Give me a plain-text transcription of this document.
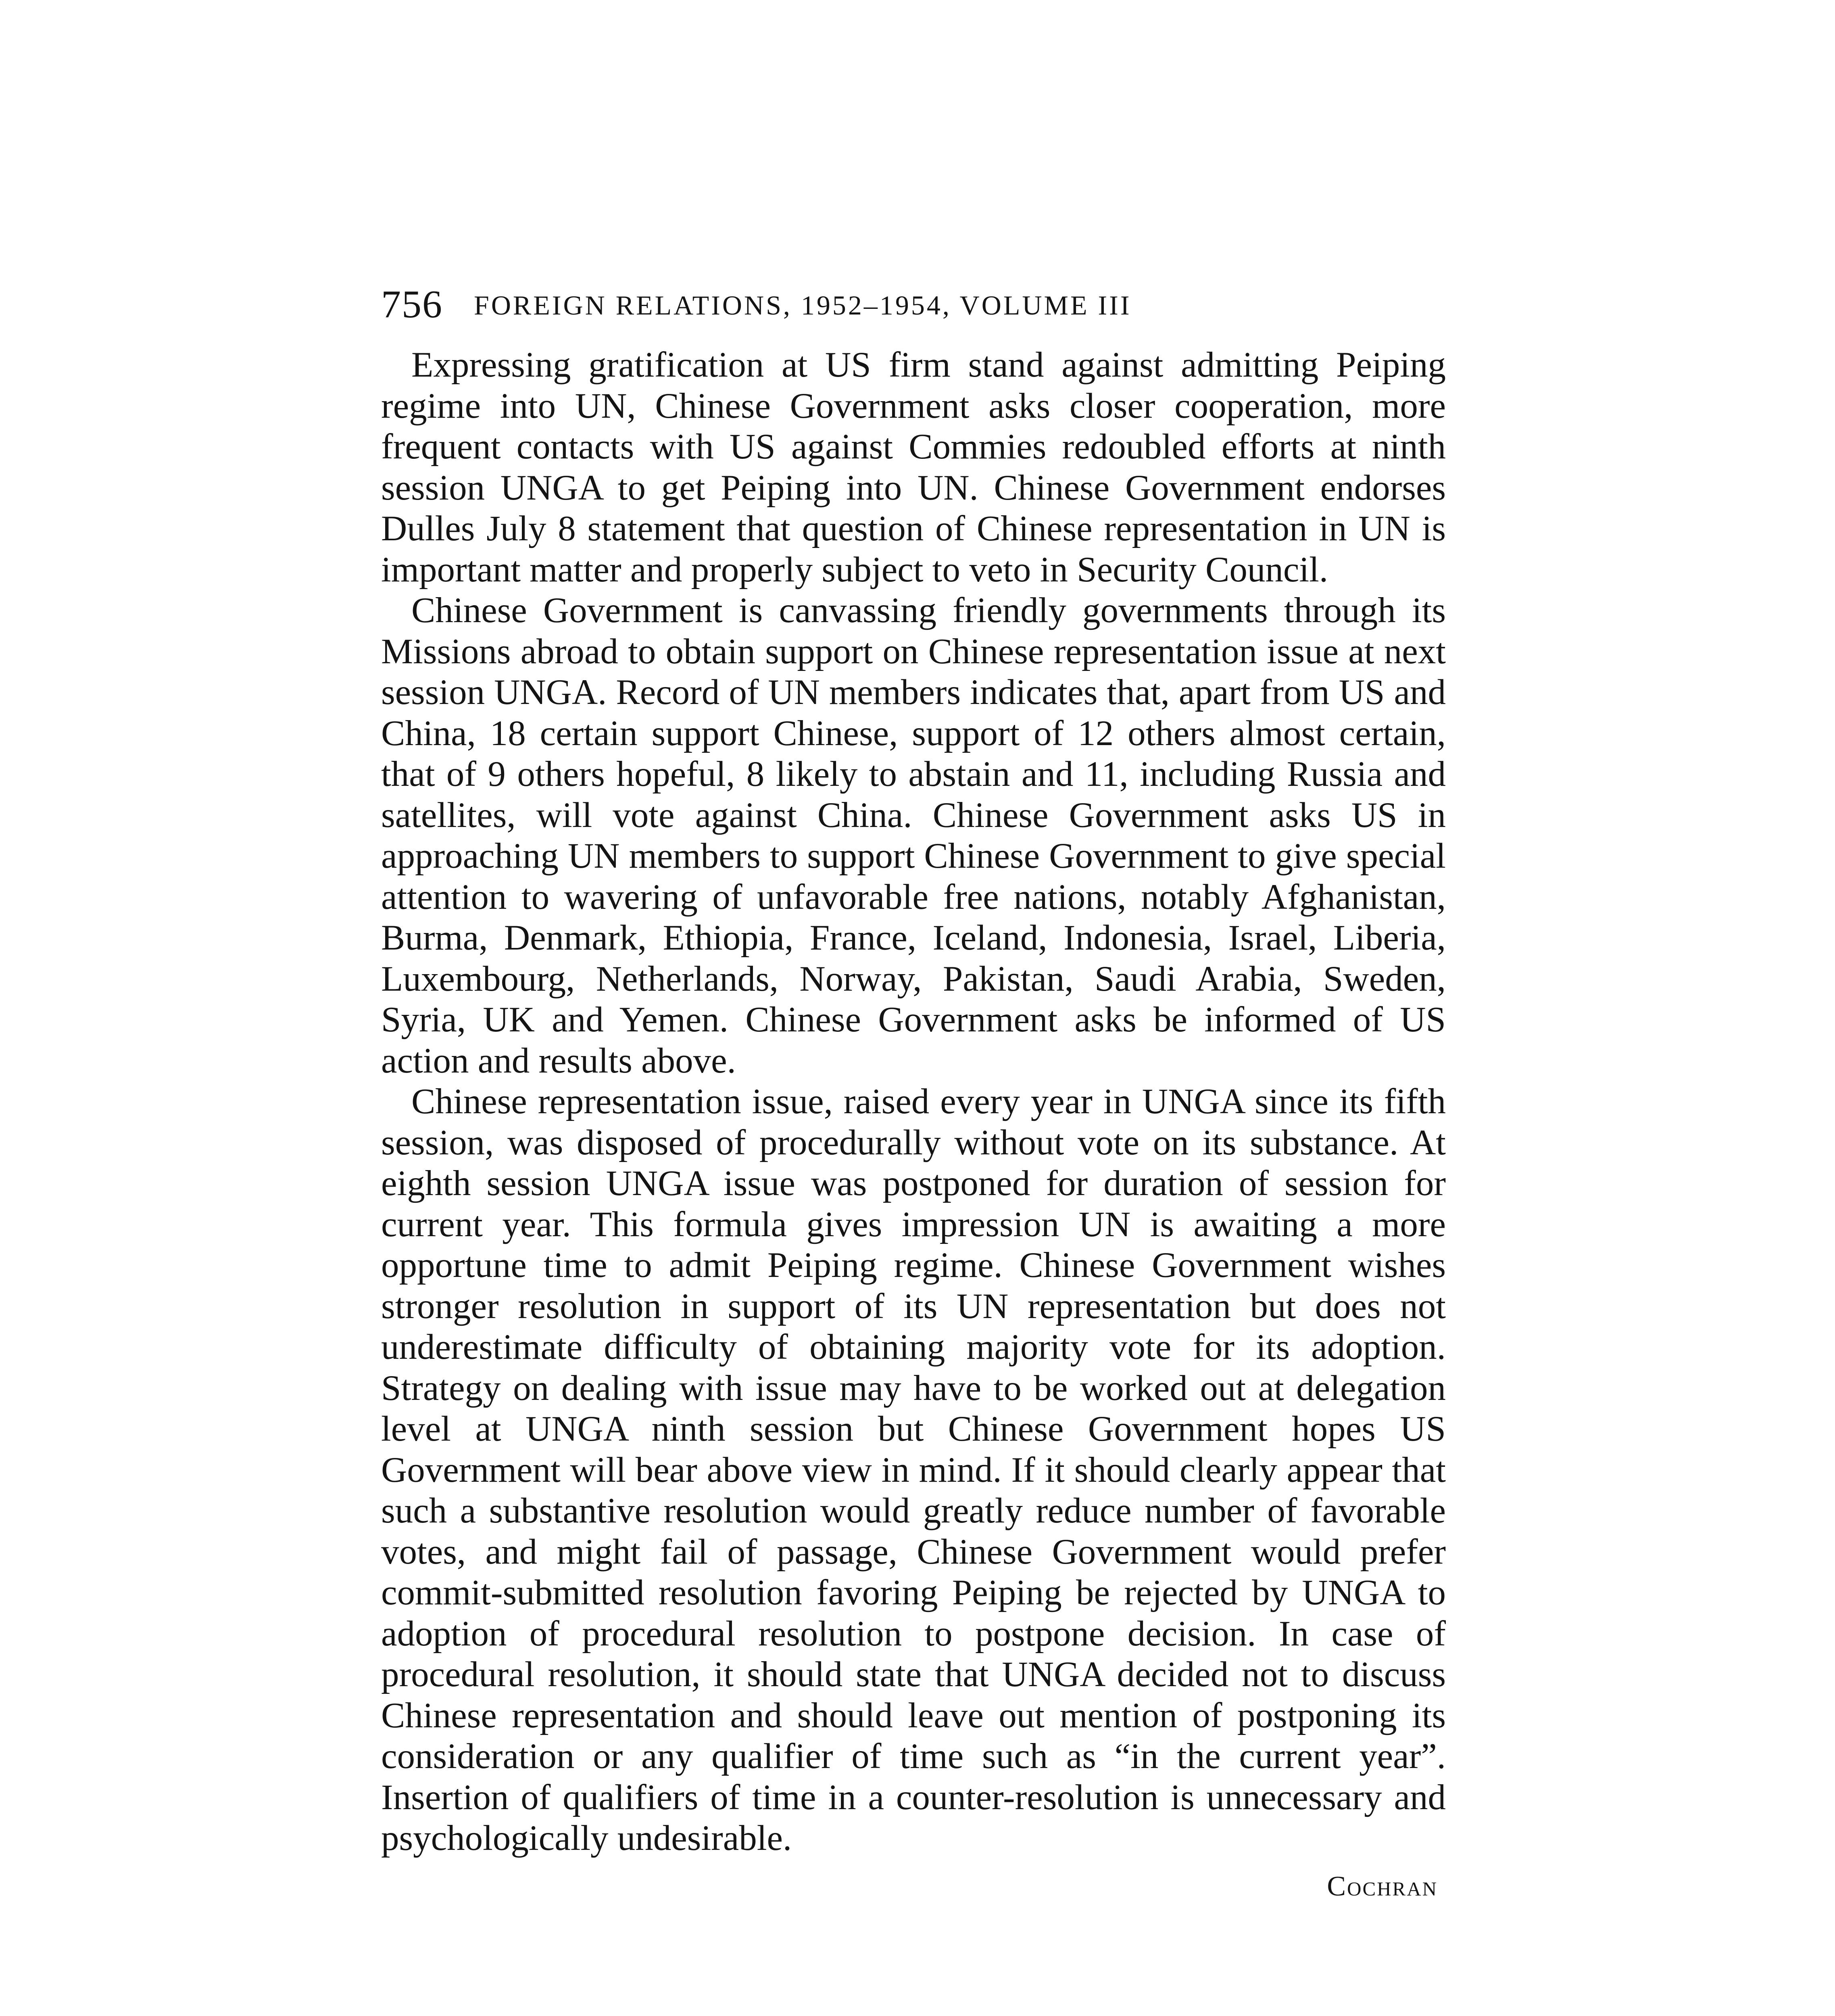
756 FOREIGN RELATIONS, 1952–1954, VOLUME III

Expressing gratification at US firm stand against admitting Peiping regime into UN, Chinese Government asks closer cooperation, more frequent contacts with US against Commies redoubled efforts at ninth session UNGA to get Peiping into UN. Chinese Government endorses Dulles July 8 statement that question of Chinese representation in UN is important matter and properly subject to veto in Security Council.

Chinese Government is canvassing friendly governments through its Missions abroad to obtain support on Chinese representation issue at next session UNGA. Record of UN members indicates that, apart from US and China, 18 certain support Chinese, support of 12 others almost certain, that of 9 others hopeful, 8 likely to abstain and 11, including Russia and satellites, will vote against China. Chinese Government asks US in approaching UN members to support Chinese Government to give special attention to wavering of unfavorable free nations, notably Afghanistan, Burma, Denmark, Ethiopia, France, Iceland, Indonesia, Israel, Liberia, Luxembourg, Netherlands, Norway, Pakistan, Saudi Arabia, Sweden, Syria, UK and Yemen. Chinese Government asks be informed of US action and results above.

Chinese representation issue, raised every year in UNGA since its fifth session, was disposed of procedurally without vote on its substance. At eighth session UNGA issue was postponed for duration of session for current year. This formula gives impression UN is awaiting a more opportune time to admit Peiping regime. Chinese Government wishes stronger resolution in support of its UN representation but does not underestimate difficulty of obtaining majority vote for its adoption. Strategy on dealing with issue may have to be worked out at delegation level at UNGA ninth session but Chinese Government hopes US Government will bear above view in mind. If it should clearly appear that such a substantive resolution would greatly reduce number of favorable votes, and might fail of passage, Chinese Government would prefer commit-submitted resolution favoring Peiping be rejected by UNGA to adoption of procedural resolution to postpone decision. In case of procedural resolution, it should state that UNGA decided not to discuss Chinese representation and should leave out mention of postponing its consideration or any qualifier of time such as “in the current year”. Insertion of qualifiers of time in a counter-resolution is unnecessary and psychologically undesirable.

Cochran
